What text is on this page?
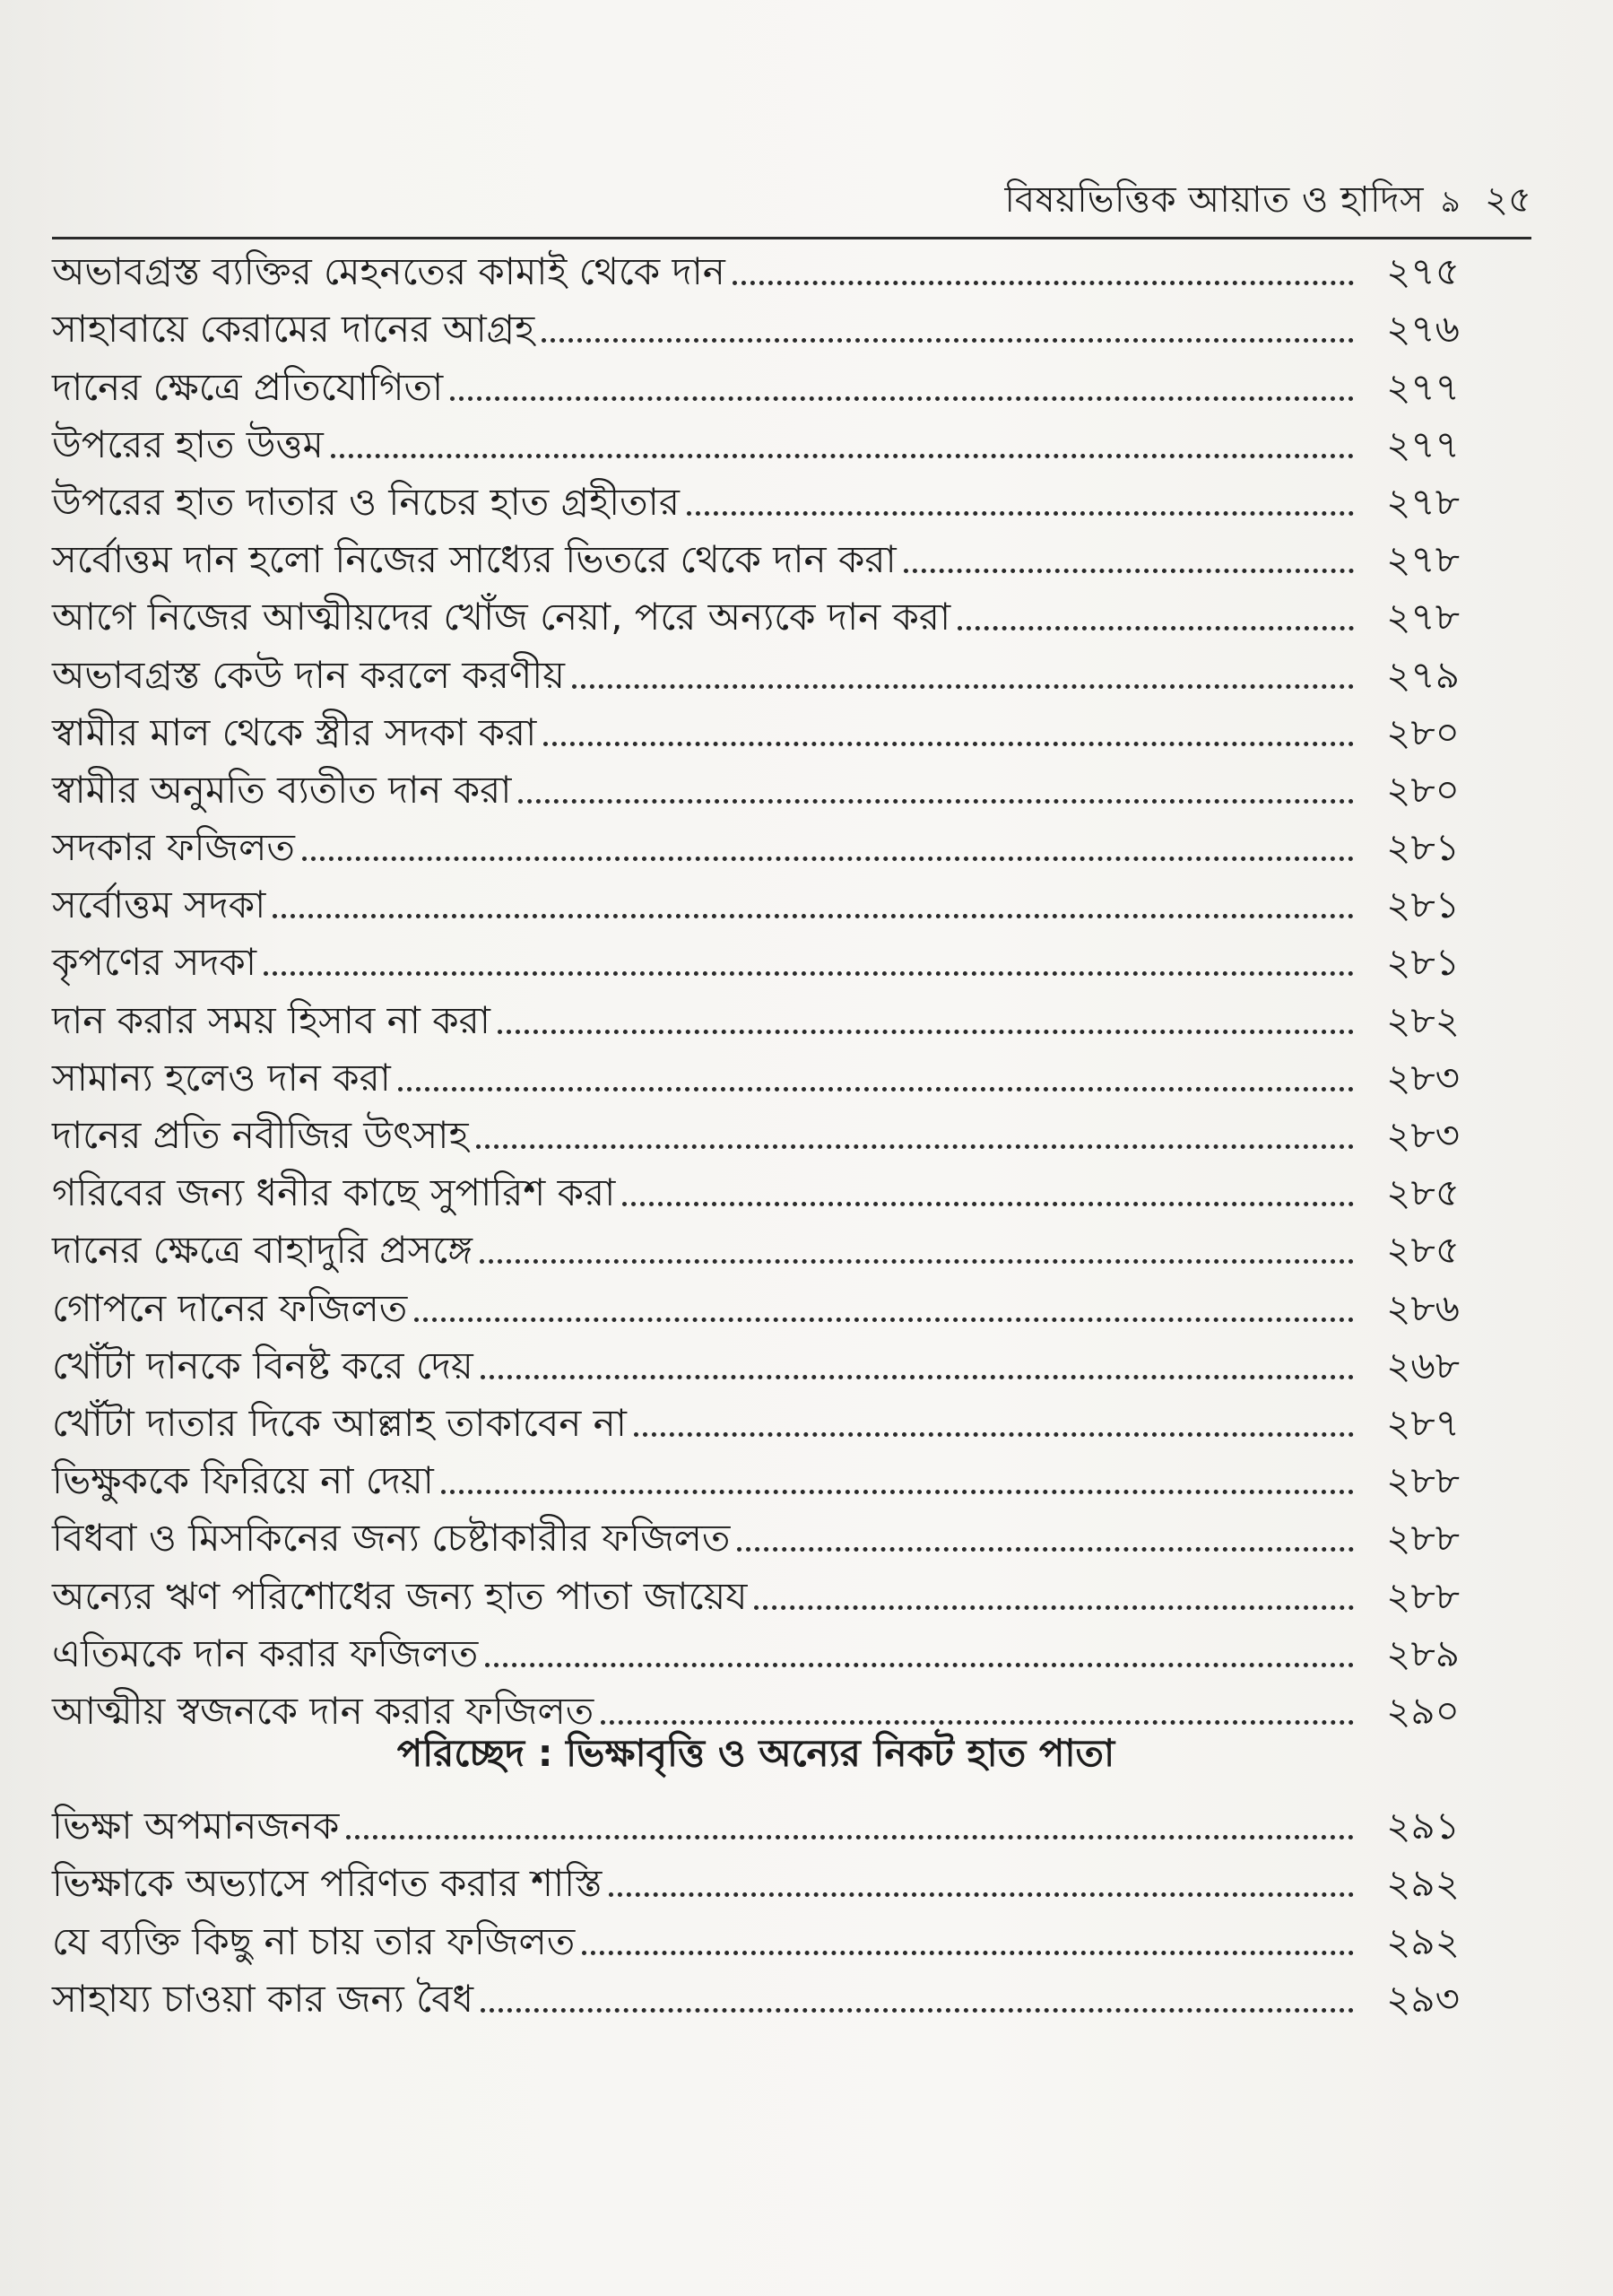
বিষয়ভিত্তিক আয়াত ও হাদিস ঌ ২৫
অভাবগ্রস্ত ব্যক্তির মেহনতের কামাই থেকে দান	২৭৫
সাহাবায়ে কেরামের দানের আগ্রহ	২৭৬
দানের ক্ষেত্রে প্রতিযোগিতা	২৭৭
উপরের হাত উত্তম	২৭৭
উপরের হাত দাতার ও নিচের হাত গ্রহীতার	২৭৮
সর্বোত্তম দান হলো নিজের সাধ্যের ভিতরে থেকে দান করা	২৭৮
আগে নিজের আত্মীয়দের খোঁজ নেয়া, পরে অন্যকে দান করা	২৭৮
অভাবগ্রস্ত কেউ দান করলে করণীয়	২৭৯
স্বামীর মাল থেকে স্ত্রীর সদকা করা	২৮০
স্বামীর অনুমতি ব্যতীত দান করা	২৮০
সদকার ফজিলত	২৮১
সর্বোত্তম সদকা	২৮১
কৃপণের সদকা	২৮১
দান করার সময় হিসাব না করা	২৮২
সামান্য হলেও দান করা	২৮৩
দানের প্রতি নবীজির উৎসাহ	২৮৩
গরিবের জন্য ধনীর কাছে সুপারিশ করা	২৮৫
দানের ক্ষেত্রে বাহাদুরি প্রসঙ্গে	২৮৫
গোপনে দানের ফজিলত	২৮৬
খোঁটা দানকে বিনষ্ট করে দেয়	২৬৮
খোঁটা দাতার দিকে আল্লাহ তাকাবেন না	২৮৭
ভিক্ষুককে ফিরিয়ে না দেয়া	২৮৮
বিধবা ও মিসকিনের জন্য চেষ্টাকারীর ফজিলত	২৮৮
অন্যের ঋণ পরিশোধের জন্য হাত পাতা জায়েয	২৮৮
এতিমকে দান করার ফজিলত	২৮৯
আত্মীয় স্বজনকে দান করার ফজিলত	২৯০
পরিচ্ছেদ : ভিক্ষাবৃত্তি ও অন্যের নিকট হাত পাতা
ভিক্ষা অপমানজনক	২৯১
ভিক্ষাকে অভ্যাসে পরিণত করার শাস্তি	২৯২
যে ব্যক্তি কিছু না চায় তার ফজিলত	২৯২
সাহায্য চাওয়া কার জন্য বৈধ	২৯৩
